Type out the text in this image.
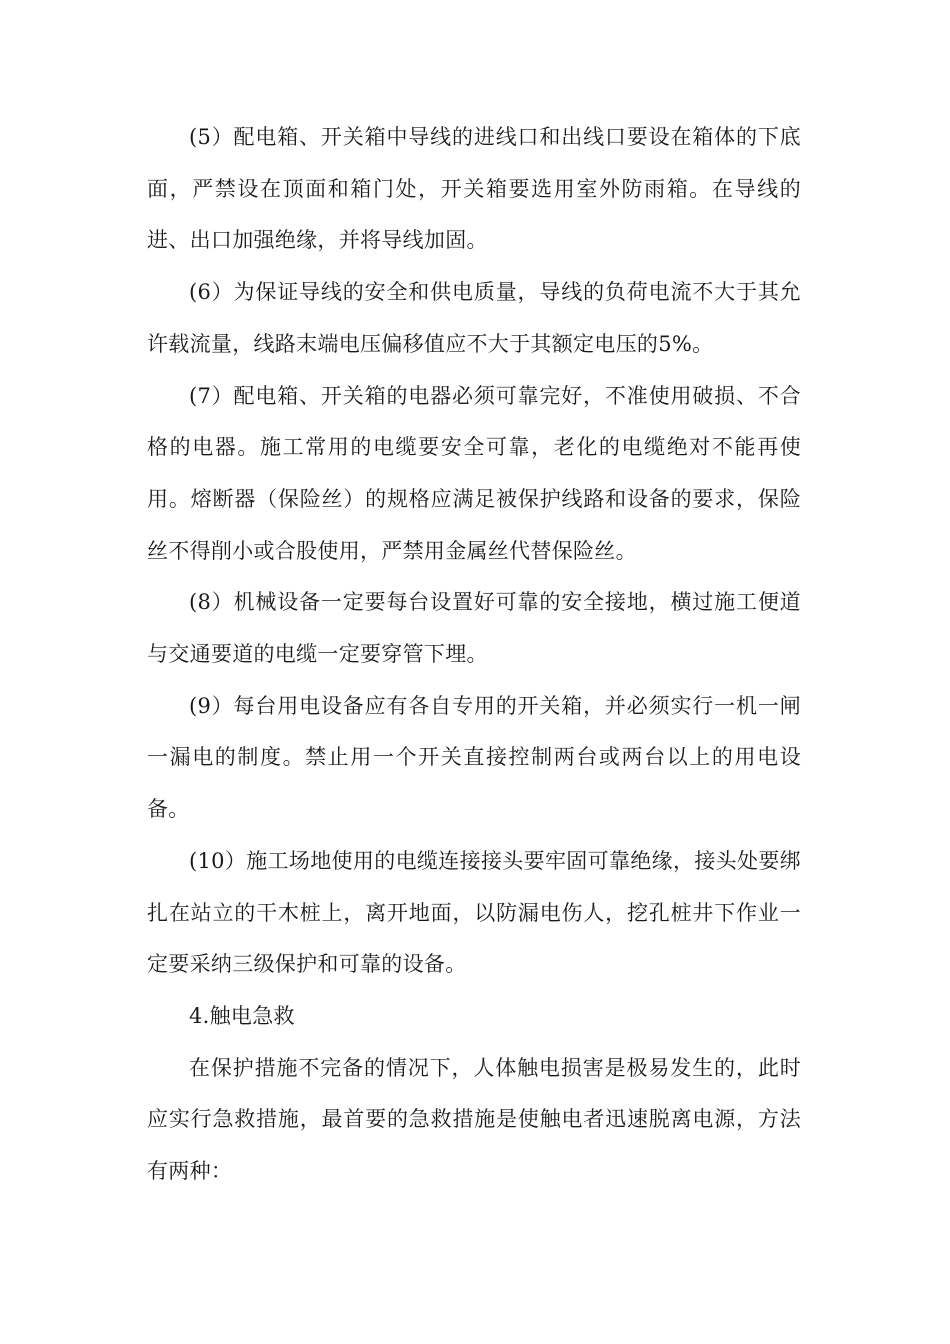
(5）配电箱、开关箱中导线的进线口和出线口要设在箱体的下底面，严禁设在顶面和箱门处，开关箱要选用室外防雨箱。在导线的进、出口加强绝缘，并将导线加固。

(6）为保证导线的安全和供电质量，导线的负荷电流不大于其允许载流量，线路末端电压偏移值应不大于其额定电压的5%。

(7）配电箱、开关箱的电器必须可靠完好，不准使用破损、不合格的电器。施工常用的电缆要安全可靠，老化的电缆绝对不能再使用。熔断器（保险丝）的规格应满足被保护线路和设备的要求，保险丝不得削小或合股使用，严禁用金属丝代替保险丝。

(8）机械设备一定要每台设置好可靠的安全接地，横过施工便道与交通要道的电缆一定要穿管下埋。

(9）每台用电设备应有各自专用的开关箱，并必须实行一机一闸一漏电的制度。禁止用一个开关直接控制两台或两台以上的用电设备。

(10）施工场地使用的电缆连接接头要牢固可靠绝缘，接头处要绑扎在站立的干木桩上，离开地面，以防漏电伤人，挖孔桩井下作业一定要采纳三级保护和可靠的设备。

4.触电急救

在保护措施不完备的情况下，人体触电损害是极易发生的，此时应实行急救措施，最首要的急救措施是使触电者迅速脱离电源，方法有两种：
